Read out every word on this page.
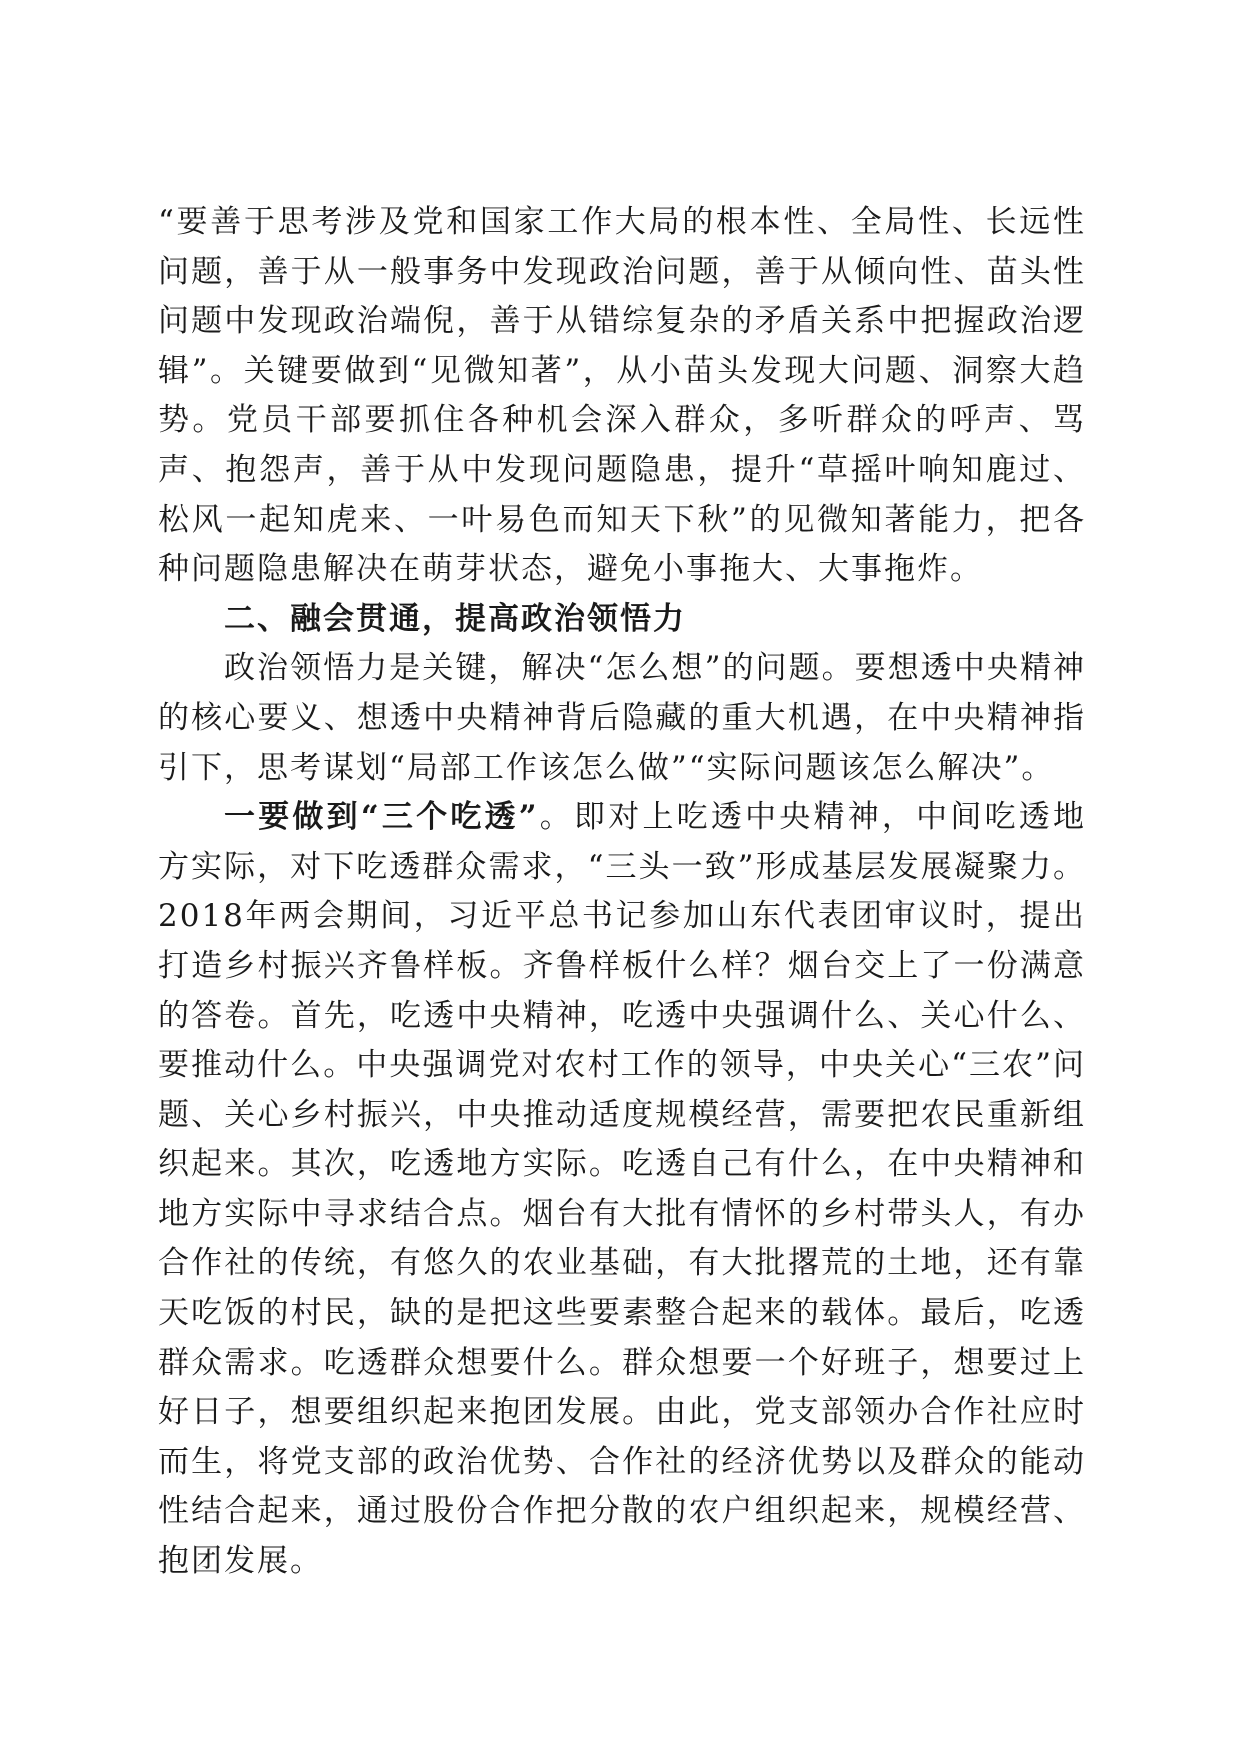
“要善于思考涉及党和国家工作大局的根本性、全局性、长远性问题，善于从一般事务中发现政治问题，善于从倾向性、苗头性问题中发现政治端倪，善于从错综复杂的矛盾关系中把握政治逻辑”。关键要做到“见微知著”，从小苗头发现大问题、洞察大趋势。党员干部要抓住各种机会深入群众，多听群众的呼声、骂声、抱怨声，善于从中发现问题隐患，提升“草摇叶响知鹿过、松风一起知虎来、一叶易色而知天下秋”的见微知著能力，把各种问题隐患解决在萌芽状态，避免小事拖大、大事拖炸。

二、融会贯通，提高政治领悟力

政治领悟力是关键，解决“怎么想”的问题。要想透中央精神的核心要义、想透中央精神背后隐藏的重大机遇，在中央精神指引下，思考谋划“局部工作该怎么做”“实际问题该怎么解决”。

一要做到“三个吃透”。即对上吃透中央精神，中间吃透地方实际，对下吃透群众需求，“三头一致”形成基层发展凝聚力。2018年两会期间，习近平总书记参加山东代表团审议时，提出打造乡村振兴齐鲁样板。齐鲁样板什么样？烟台交上了一份满意的答卷。首先，吃透中央精神，吃透中央强调什么、关心什么、要推动什么。中央强调党对农村工作的领导，中央关心“三农”问题、关心乡村振兴，中央推动适度规模经营，需要把农民重新组织起来。其次，吃透地方实际。吃透自己有什么，在中央精神和地方实际中寻求结合点。烟台有大批有情怀的乡村带头人，有办合作社的传统，有悠久的农业基础，有大批撂荒的土地，还有靠天吃饭的村民，缺的是把这些要素整合起来的载体。最后，吃透群众需求。吃透群众想要什么。群众想要一个好班子，想要过上好日子，想要组织起来抱团发展。由此，党支部领办合作社应时而生，将党支部的政治优势、合作社的经济优势以及群众的能动性结合起来，通过股份合作把分散的农户组织起来，规模经营、抱团发展。
